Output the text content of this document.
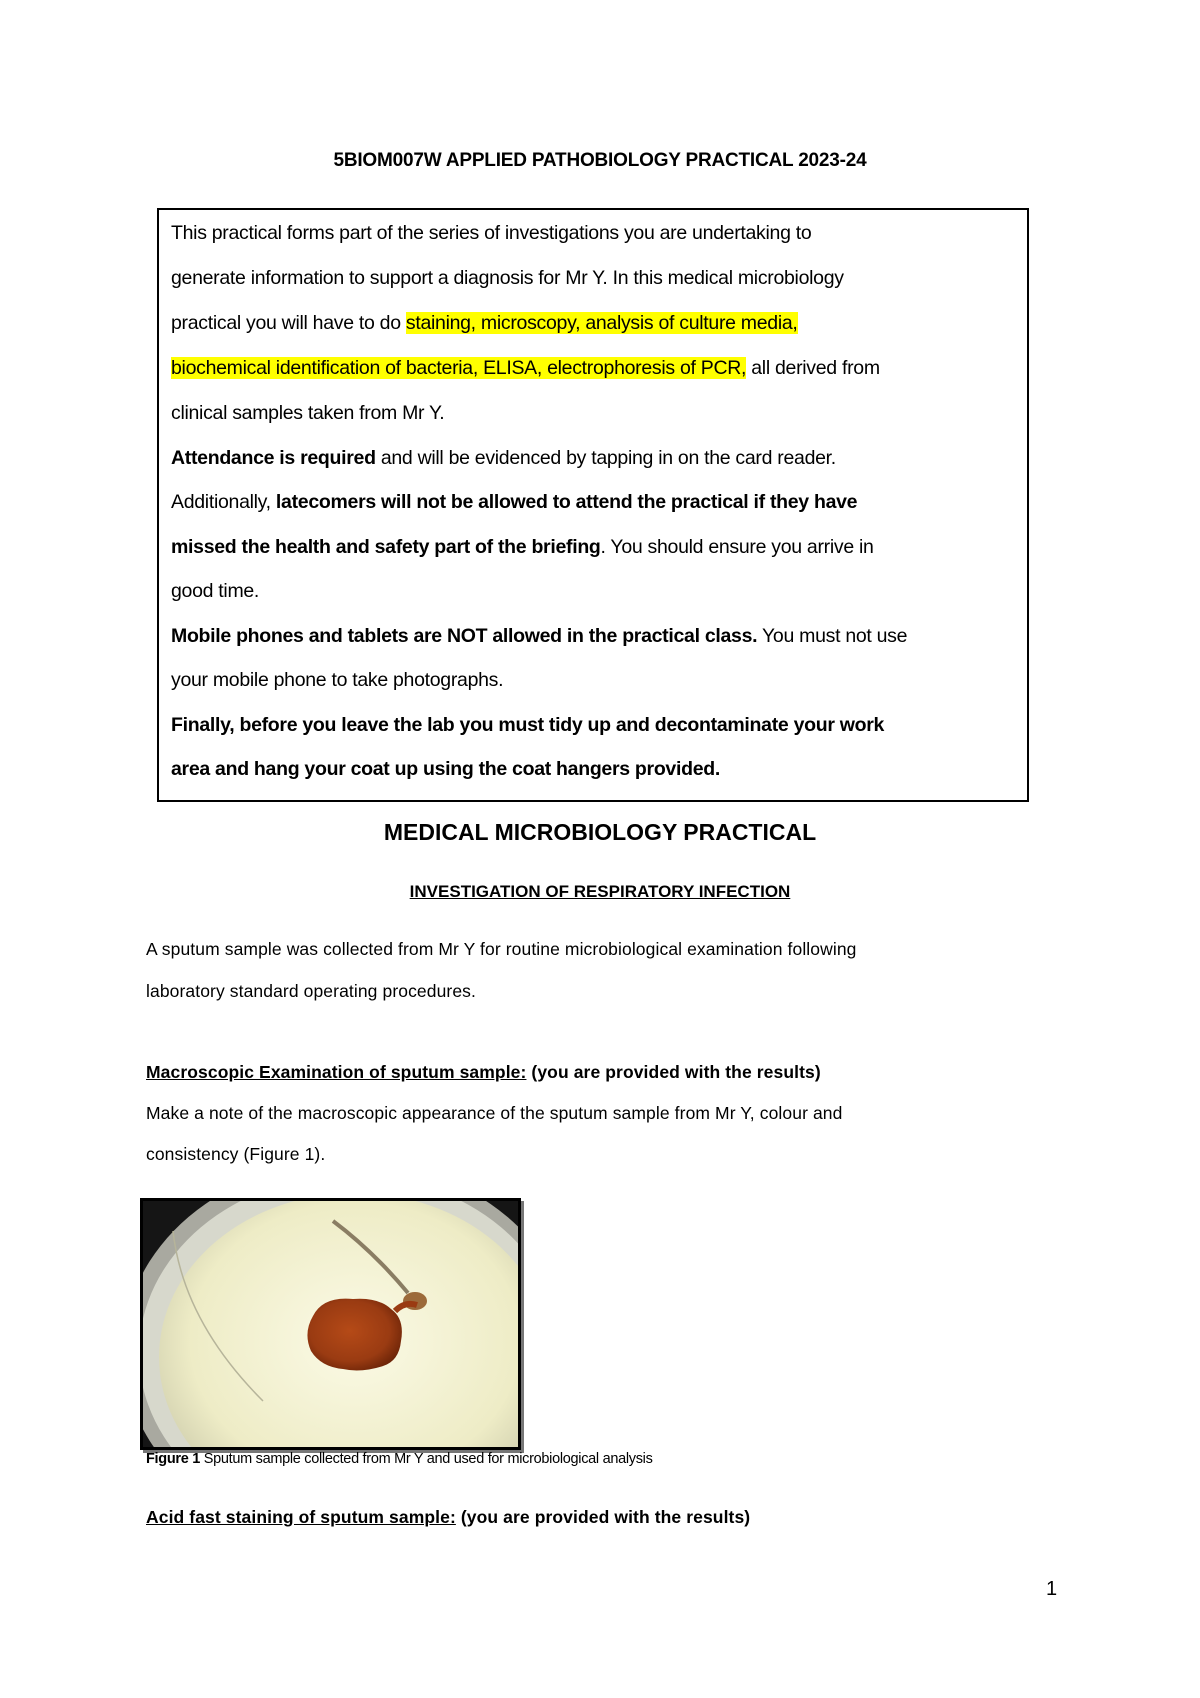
5BIOM007W APPLIED PATHOBIOLOGY PRACTICAL 2023-24
This practical forms part of the series of investigations you are undertaking to
generate information to support a diagnosis for Mr Y. In this medical microbiology
practical you will have to do staining, microscopy, analysis of culture media,
biochemical identification of bacteria, ELISA, electrophoresis of PCR, all derived from
clinical samples taken from Mr Y.
Attendance is required and will be evidenced by tapping in on the card reader.
Additionally, latecomers will not be allowed to attend the practical if they have
missed the health and safety part of the briefing. You should ensure you arrive in
good time.
Mobile phones and tablets are NOT allowed in the practical class. You must not use
your mobile phone to take photographs.
Finally, before you leave the lab you must tidy up and decontaminate your work
area and hang your coat up using the coat hangers provided.
MEDICAL MICROBIOLOGY PRACTICAL
INVESTIGATION OF RESPIRATORY INFECTION
A sputum sample was collected from Mr Y for routine microbiological examination following
laboratory standard operating procedures.
Macroscopic Examination of sputum sample: (you are provided with the results)
Make a note of the macroscopic appearance of the sputum sample from Mr Y, colour and
consistency (Figure 1).
Figure 1 Sputum sample collected from Mr Y and used for microbiological analysis
Acid fast staining of sputum sample: (you are provided with the results)
1
